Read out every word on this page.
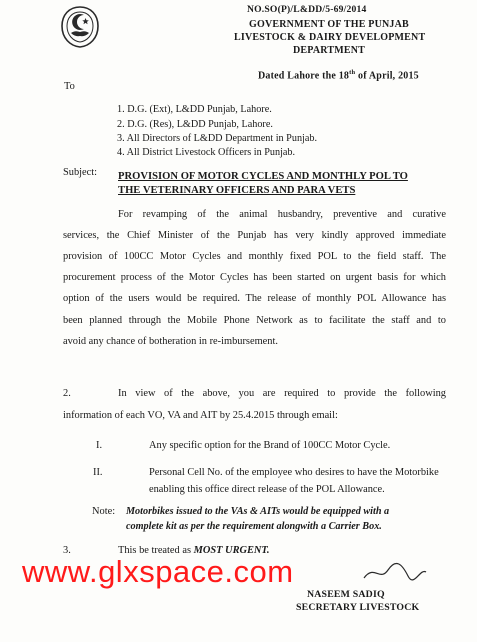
NO.SO(P)/L&DD/5-69/2014
GOVERNMENT OF THE PUNJAB
LIVESTOCK & DAIRY DEVELOPMENT
DEPARTMENT
Dated Lahore the 18th of April, 2015
To
1. D.G. (Ext), L&DD Punjab, Lahore.
2. D.G. (Res), L&DD Punjab, Lahore.
3. All Directors of L&DD Department in Punjab.
4. All District Livestock Officers in Punjab.
Subject: PROVISION OF MOTOR CYCLES AND MONTHLY POL TO
THE VETERINARY OFFICERS AND PARA VETS
For revamping of the animal husbandry, preventive and curative
services, the Chief Minister of the Punjab has very kindly approved immediate
provision of 100CC Motor Cycles and monthly fixed POL to the field staff. The
procurement process of the Motor Cycles has been started on urgent basis for which
option of the users would be required. The release of monthly POL Allowance has
been planned through the Mobile Phone Network as to facilitate the staff and to
avoid any chance of botheration in re-imbursement.
2.	In view of the above, you are required to provide the following
information of each VO, VA and AIT by 25.4.2015 through email:
I.	Any specific option for the Brand of 100CC Motor Cycle.
II.	Personal Cell No. of the employee who desires to have the Motorbike
enabling this office direct release of the POL Allowance.
Note: Motorbikes issued to the VAs & AITs would be equipped with a
complete kit as per the requirement alongwith a Carrier Box.
3.	This be treated as MOST URGENT.
NASEEM SADIQ
SECRETARY LIVESTOCK
www.glxspace.com
